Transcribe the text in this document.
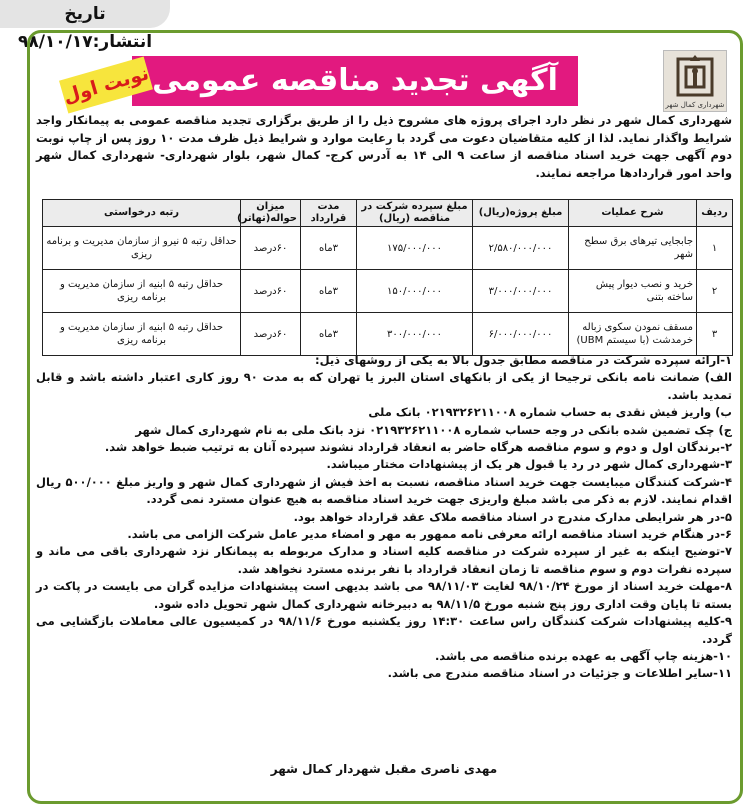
تاریخ انتشار:۹۸/۱۰/۱۷
شهرداری کمال شهر
آگهی تجدید مناقصه عمومی
نوبت اول
شهرداری کمال شهر در نظر دارد اجرای پروژه های مشروح ذیل را از طریق برگزاری تجدید مناقصه عمومی به پیمانکار واجد شرایط واگذار نماید. لذا از کلیه متقاضیان دعوت می گردد با رعایت موارد و شرایط ذیل ظرف مدت ۱۰ روز پس از چاپ نوبت دوم آگهی جهت خرید اسناد مناقصه از ساعت ۹ الی ۱۴ به آدرس کرج- کمال شهر، بلوار شهرداری- شهرداری کمال شهر واحد امور قراردادها مراجعه نمایند.
ردیف	شرح عملیات	مبلغ پروژه(ریال)	مبلغ سپرده شرکت در مناقصه (ریال)	مدت قرارداد	میزان حواله(تهاتر)	رتبه درخواستی
۱	جابجایی تیرهای برق سطح شهر	۲/۵۸۰/۰۰۰/۰۰۰	۱۷۵/۰۰۰/۰۰۰	۳ماه	۶۰درصد	حداقل رتبه ۵ نیرو از سازمان مدیریت و برنامه ریزی
۲	خرید و نصب دیوار پیش ساخته بتنی	۳/۰۰۰/۰۰۰/۰۰۰	۱۵۰/۰۰۰/۰۰۰	۳ماه	۶۰درصد	حداقل رتبه ۵ ابنیه از سازمان مدیریت و برنامه ریزی
۳	مسقف نمودن سکوی زباله خرمدشت (با سیستم UBM)	۶/۰۰۰/۰۰۰/۰۰۰	۳۰۰/۰۰۰/۰۰۰	۳ماه	۶۰درصد	حداقل رتبه ۵ ابنیه از سازمان مدیریت و برنامه ریزی

۱-ارائه سپرده شرکت در مناقصه مطابق جدول بالا به یکی از روشهای ذیل:

الف) ضمانت نامه بانکی ترجیحا از یکی از بانکهای استان البرز یا تهران که به مدت ۹۰ روز کاری اعتبار داشته باشد و قابل تمدید باشد.

ب) واریز فیش نقدی به حساب شماره ۰۲۱۹۳۲۶۲۱۱۰۰۸ بانک ملی

ج) چک تضمین شده بانکی در وجه حساب شماره ۰۲۱۹۳۲۶۲۱۱۰۰۸ نزد بانک ملی به نام شهرداری کمال شهر

۲-برندگان اول و دوم و سوم مناقصه هرگاه حاضر به انعقاد قرارداد نشوند سپرده آنان به ترتیب ضبط خواهد شد.

۳-شهرداری کمال شهر در رد یا قبول هر یک از پیشنهادات مختار میباشد.

۴-شرکت کنندگان میبایست جهت خرید اسناد مناقصه، نسبت به اخذ فیش از شهرداری کمال شهر و واریز مبلغ ۵۰۰/۰۰۰ ریال اقدام نمایند. لازم به ذکر می باشد مبلغ واریزی جهت خرید اسناد مناقصه به هیچ عنوان مسترد نمی گردد.

۵-در هر شرایطی مدارک مندرج در اسناد مناقصه ملاک عقد قرارداد خواهد بود.

۶-در هنگام خرید اسناد مناقصه ارائه معرفی نامه ممهور به مهر و امضاء مدیر عامل شرکت الزامی می باشد.

۷-توضیح اینکه به غیر از سپرده شرکت در مناقصه کلیه اسناد و مدارک مربوطه به پیمانکار نزد شهرداری باقی می ماند و سپرده نفرات دوم و سوم مناقصه تا زمان انعقاد قرارداد با نفر برنده مسترد نخواهد شد.

۸-مهلت خرید اسناد از مورخ ۹۸/۱۰/۲۴ لغایت ۹۸/۱۱/۰۳ می باشد بدیهی است پیشنهادات مزایده گران می بایست در پاکت در بسته تا پایان وقت اداری روز پنج شنبه مورخ ۹۸/۱۱/۵ به دبیرخانه شهرداری کمال شهر تحویل داده شود.

۹-کلیه پیشنهادات شرکت کنندگان راس ساعت ۱۴:۳۰ روز یکشنبه مورخ ۹۸/۱۱/۶ در کمیسیون عالی معاملات بازگشایی می گردد.

۱۰-هزینه چاپ آگهی به عهده برنده مناقصه می باشد.

۱۱-سایر اطلاعات و جزئیات در اسناد مناقصه مندرج می باشد.

مهدی ناصری مقبل شهردار کمال شهر
